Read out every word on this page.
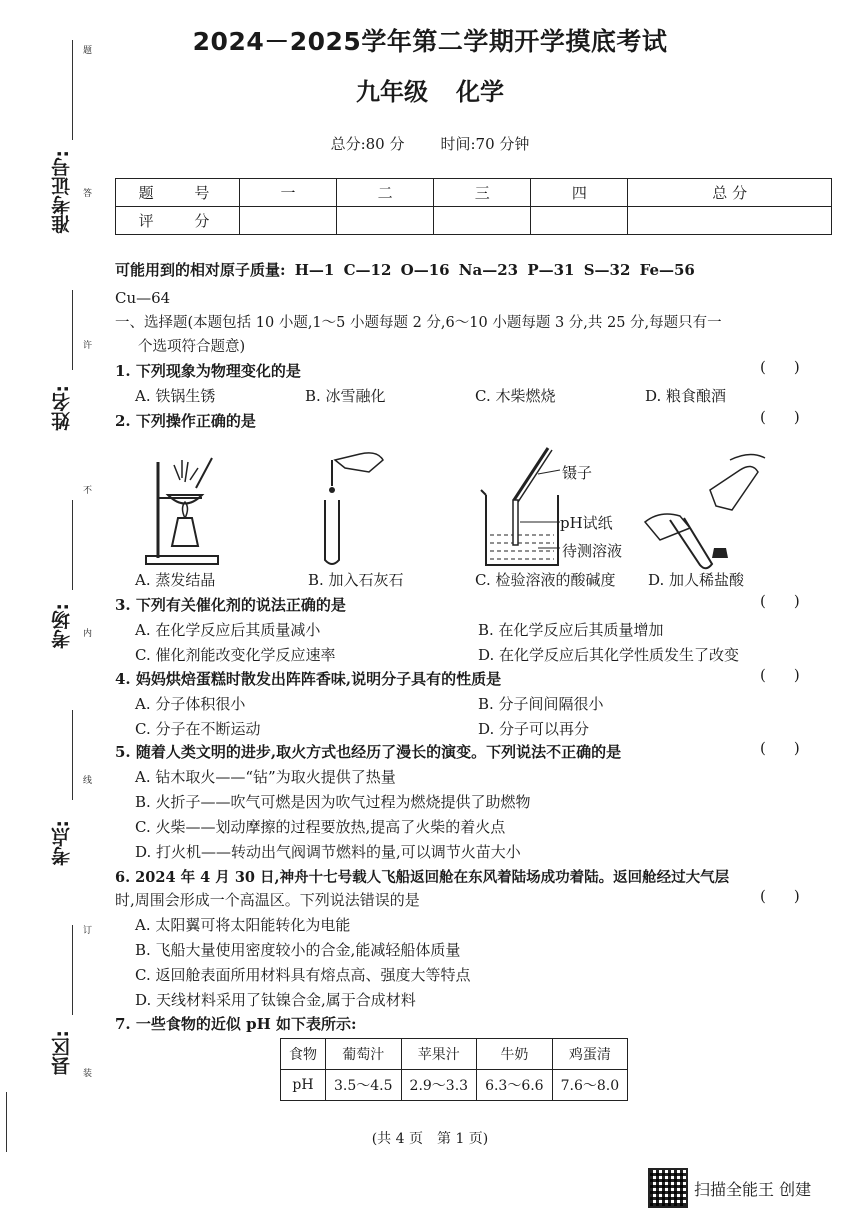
准考证号:
姓名:
考场:
考点:
县区:
题
答
许
不
内
线
订
装
2024－2025学年第二学期开学摸底考试
九年级 化学
总分:80 分 时间:70 分钟
题 号	一	二	三	四	总 分
评 分					
可能用到的相对原子质量: H—1 C—12 O—16 Na—23 P—31 S—32 Fe—56
Cu—64
一、选择题(本题包括 10 小题,1～5 小题每题 2 分,6～10 小题每题 3 分,共 25 分,每题只有一
个选项符合题意)
1. 下列现象为物理变化的是	()
A. 铁锅生锈	B. 冰雪融化	C. 木柴燃烧	D. 粮食酿酒
2. 下列操作正确的是	()
镊子
pH试纸
待测溶液
A. 蒸发结晶	B. 加入石灰石	C. 检验溶液的酸碱度 D. 加人稀盐酸
3. 下列有关催化剂的说法正确的是	()
A. 在化学反应后其质量减小	B. 在化学反应后其质量增加
C. 催化剂能改变化学反应速率	D. 在化学反应后其化学性质发生了改变
4. 妈妈烘焙蛋糕时散发出阵阵香味,说明分子具有的性质是	()
A. 分子体积很小	B. 分子间间隔很小
C. 分子在不断运动	D. 分子可以再分
5. 随着人类文明的进步,取火方式也经历了漫长的演变。下列说法不正确的是	()
A. 钻木取火——“钻”为取火提供了热量
B. 火折子——吹气可燃是因为吹气过程为燃烧提供了助燃物
C. 火柴——划动摩擦的过程要放热,提高了火柴的着火点
D. 打火机——转动出气阀调节燃料的量,可以调节火苗大小
6. 2024 年 4 月 30 日,神舟十七号载人飞船返回舱在东风着陆场成功着陆。返回舱经过大气层
时,周围会形成一个高温区。下列说法错误的是	()
A. 太阳翼可将太阳能转化为电能
B. 飞船大量使用密度较小的合金,能减轻船体质量
C. 返回舱表面所用材料具有熔点高、强度大等特点
D. 天线材料采用了钛镍合金,属于合成材料
7. 一些食物的近似 pH 如下表所示:
食物	葡萄汁	苹果汁	牛奶	鸡蛋清
pH	3.5～4.5	2.9～3.3	6.3～6.6	7.6～8.0
(共 4 页　第 1 页)
扫描全能王 创建
